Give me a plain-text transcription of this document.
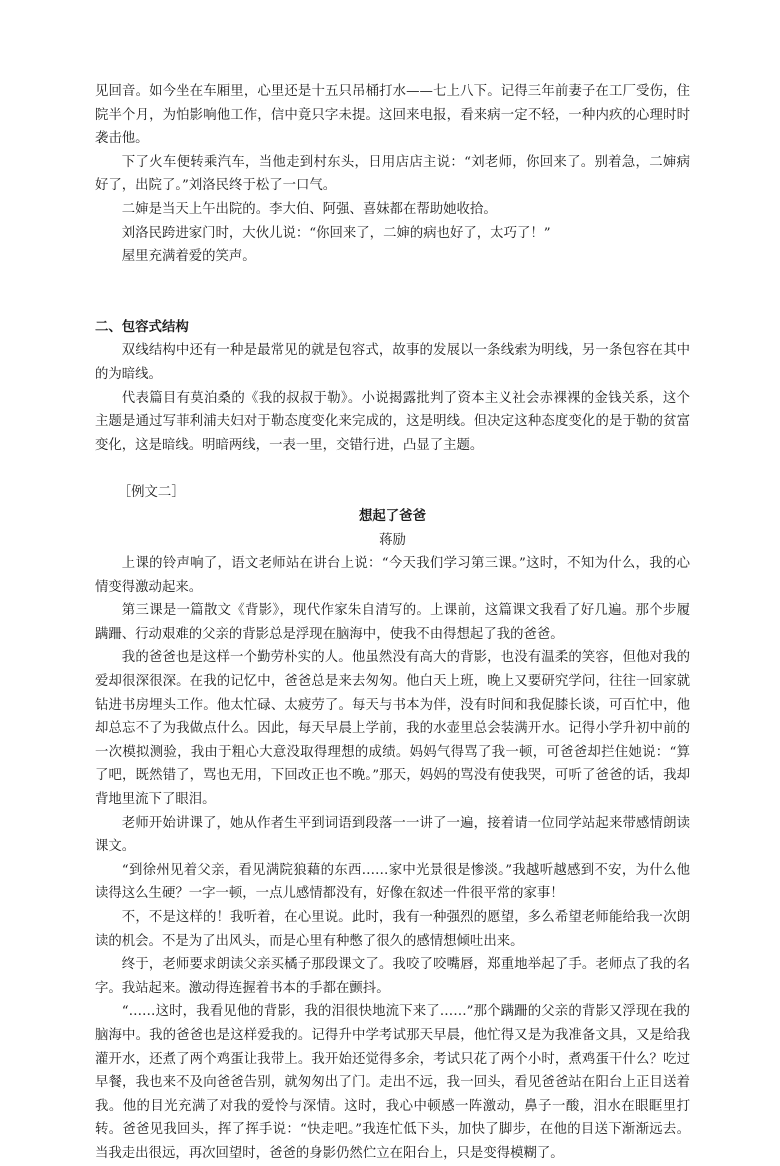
见回音。如今坐在车厢里，心里还是十五只吊桶打水——七上八下。记得三年前妻子在工厂受伤，住院半个月，为怕影响他工作，信中竟只字未提。这回来电报，看来病一定不轻，一种内疚的心理时时袭击他。

下了火车便转乘汽车，当他走到村东头，日用店店主说：“刘老师，你回来了。别着急，二婶病好了，出院了。”刘洛民终于松了一口气。

二婶是当天上午出院的。李大伯、阿强、喜妹都在帮助她收拾。

刘洛民跨进家门时，大伙儿说：“你回来了，二婶的病也好了，太巧了！”

屋里充满着爱的笑声。

二、包容式结构

双线结构中还有一种是最常见的就是包容式，故事的发展以一条线索为明线，另一条包容在其中的为暗线。

代表篇目有莫泊桑的《我的叔叔于勒》。小说揭露批判了资本主义社会赤裸裸的金钱关系，这个主题是通过写菲利浦夫妇对于勒态度变化来完成的，这是明线。但决定这种态度变化的是于勒的贫富变化，这是暗线。明暗两线，一表一里，交错行进，凸显了主题。

［例文二］

想起了爸爸

蒋励

上课的铃声响了，语文老师站在讲台上说：“今天我们学习第三课。”这时，不知为什么，我的心情变得激动起来。

第三课是一篇散文《背影》，现代作家朱自清写的。上课前，这篇课文我看了好几遍。那个步履蹒跚、行动艰难的父亲的背影总是浮现在脑海中，使我不由得想起了我的爸爸。

我的爸爸也是这样一个勤劳朴实的人。他虽然没有高大的背影，也没有温柔的笑容，但他对我的爱却很深很深。在我的记忆中，爸爸总是来去匆匆。他白天上班，晚上又要研究学问，往往一回家就钻进书房埋头工作。他太忙碌、太疲劳了。每天与书本为伴，没有时间和我促膝长谈，可百忙中，他却总忘不了为我做点什么。因此，每天早晨上学前，我的水壶里总会装满开水。记得小学升初中前的一次模拟测验，我由于粗心大意没取得理想的成绩。妈妈气得骂了我一顿，可爸爸却拦住她说：“算了吧，既然错了，骂也无用，下回改正也不晚。”那天，妈妈的骂没有使我哭，可听了爸爸的话，我却背地里流下了眼泪。

老师开始讲课了，她从作者生平到词语到段落一一讲了一遍，接着请一位同学站起来带感情朗读课文。

“到徐州见着父亲，看见满院狼藉的东西……家中光景很是惨淡。”我越听越感到不安，为什么他读得这么生硬？一字一顿，一点儿感情都没有，好像在叙述一件很平常的家事！

不，不是这样的！我听着，在心里说。此时，我有一种强烈的愿望，多么希望老师能给我一次朗读的机会。不是为了出风头，而是心里有种憋了很久的感情想倾吐出来。

终于，老师要求朗读父亲买橘子那段课文了。我咬了咬嘴唇，郑重地举起了手。老师点了我的名字。我站起来。激动得连握着书本的手都在颤抖。

“……这时，我看见他的背影，我的泪很快地流下来了……”那个蹒跚的父亲的背影又浮现在我的脑海中。我的爸爸也是这样爱我的。记得升中学考试那天早晨，他忙得又是为我准备文具，又是给我灌开水，还煮了两个鸡蛋让我带上。我开始还觉得多余，考试只花了两个小时，煮鸡蛋干什么？吃过早餐，我也来不及向爸爸告别，就匆匆出了门。走出不远，我一回头，看见爸爸站在阳台上正目送着我。他的目光充满了对我的爱怜与深情。这时，我心中顿感一阵激动，鼻子一酸，泪水在眼眶里打转。爸爸见我回头，挥了挥手说：“快走吧。”我连忙低下头，加快了脚步，在他的目送下渐渐远去。当我走出很远，再次回望时，爸爸的身影仍然伫立在阳台上，只是变得模糊了。
